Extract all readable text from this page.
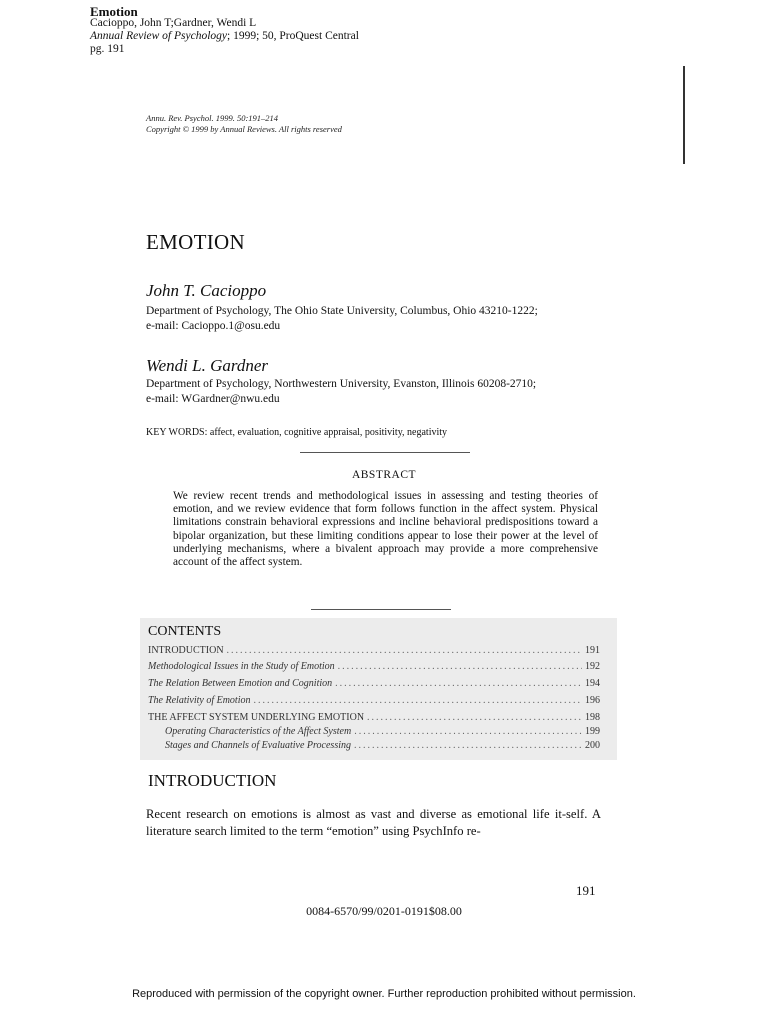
Emotion
Cacioppo, John T;Gardner, Wendi L
Annual Review of Psychology; 1999; 50, ProQuest Central
pg. 191
Annu. Rev. Psychol. 1999. 50:191–214
Copyright © 1999 by Annual Reviews. All rights reserved
EMOTION
John T. Cacioppo
Department of Psychology, The Ohio State University, Columbus, Ohio 43210-1222;
e-mail: Cacioppo.1@osu.edu
Wendi L. Gardner
Department of Psychology, Northwestern University, Evanston, Illinois 60208-2710;
e-mail: WGardner@nwu.edu
KEY WORDS: affect, evaluation, cognitive appraisal, positivity, negativity
ABSTRACT
We review recent trends and methodological issues in assessing and testing theories of emotion, and we review evidence that form follows function in the affect system. Physical limitations constrain behavioral expressions and incline behavioral predispositions toward a bipolar organization, but these limiting conditions appear to lose their power at the level of underlying mechanisms, where a bivalent approach may provide a more comprehensive account of the affect system.
CONTENTS
INTRODUCTION .....	191
Methodological Issues in the Study of Emotion .....	192
The Relation Between Emotion and Cognition .....	194
The Relativity of Emotion .....	196
THE AFFECT SYSTEM UNDERLYING EMOTION .....	198
Operating Characteristics of the Affect System .....	199
Stages and Channels of Evaluative Processing .....	200
INTRODUCTION
Recent research on emotions is almost as vast and diverse as emotional life it-self. A literature search limited to the term “emotion” using PsychInfo re-
191
0084-6570/99/0201-0191$08.00
Reproduced with permission of the copyright owner. Further reproduction prohibited without permission.
